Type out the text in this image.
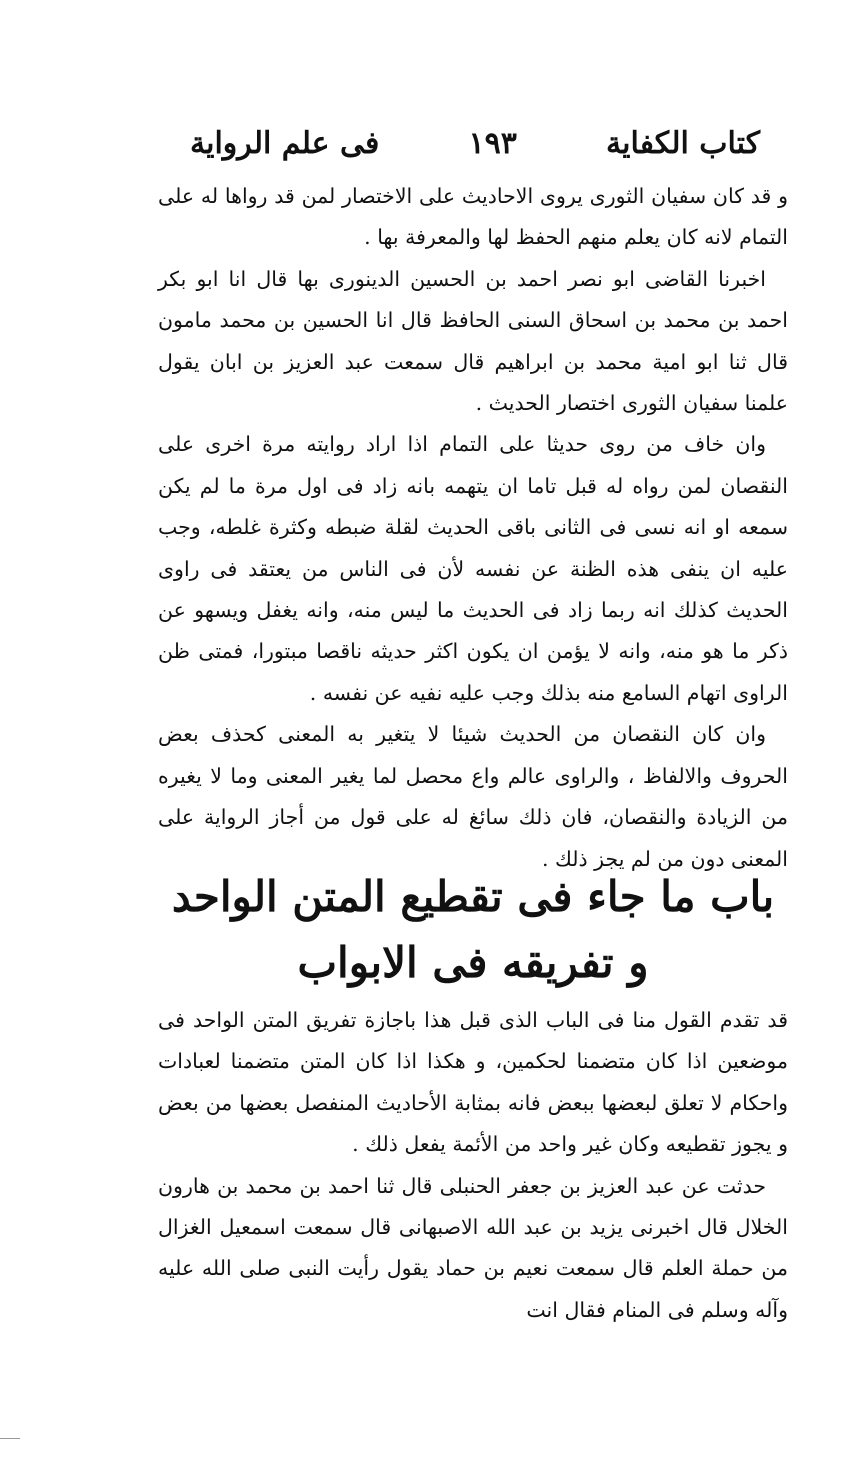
كتاب الكفاية
١٩٣
فى علم الرواية

و قد كان سفيان الثورى يروى الاحاديث على الاختصار لمن قد رواها له على التمام لانه كان يعلم منهم الحفظ لها والمعرفة بها .

اخبرنا القاضى ابو نصر احمد بن الحسين الدينورى بها قال انا ابو بكر احمد بن محمد بن اسحاق السنى الحافظ قال انا الحسين بن محمد مامون قال ثنا ابو امية محمد بن ابراهيم قال سمعت عبد العزيز بن ابان يقول علمنا سفيان الثورى اختصار الحديث .

وان خاف من روى حديثا على التمام اذا اراد روايته مرة اخرى على النقصان لمن رواه له قبل تاما ان يتهمه بانه زاد فى اول مرة ما لم يكن سمعه او انه نسى فى الثانى باقى الحديث لقلة ضبطه وكثرة غلطه، وجب عليه ان ينفى هذه الظنة عن نفسه لأن فى الناس من يعتقد فى راوى الحديث كذلك انه ربما زاد فى الحديث ما ليس منه، وانه يغفل ويسهو عن ذكر ما هو منه، وانه لا يؤمن ان يكون اكثر حديثه ناقصا مبتورا، فمتى ظن الراوى اتهام السامع منه بذلك وجب عليه نفيه عن نفسه .

وان كان النقصان من الحديث شيئا لا يتغير به المعنى كحذف بعض الحروف والالفاظ ، والراوى عالم واع محصل لما يغير المعنى وما لا يغيره من الزيادة والنقصان، فان ذلك سائغ له على قول من أجاز الرواية على المعنى دون من لم يجز ذلك .

باب ما جاء فى تقطيع المتن الواحد
و تفريقه فى الابواب

قد تقدم القول منا فى الباب الذى قبل هذا باجازة تفريق المتن الواحد فى موضعين اذا كان متضمنا لحكمين، و هكذا اذا كان المتن متضمنا لعبادات واحكام لا تعلق لبعضها ببعض فانه بمثابة الأحاديث المنفصل بعضها من بعض و يجوز تقطيعه وكان غير واحد من الأئمة يفعل ذلك .

حدثت عن عبد العزيز بن جعفر الحنبلى قال ثنا احمد بن محمد بن هارون الخلال قال اخبرنى يزيد بن عبد الله الاصبهانى قال سمعت اسمعيل الغزال من حملة العلم قال سمعت نعيم بن حماد يقول رأيت النبى صلى الله عليه وآله وسلم فى المنام فقال انت
